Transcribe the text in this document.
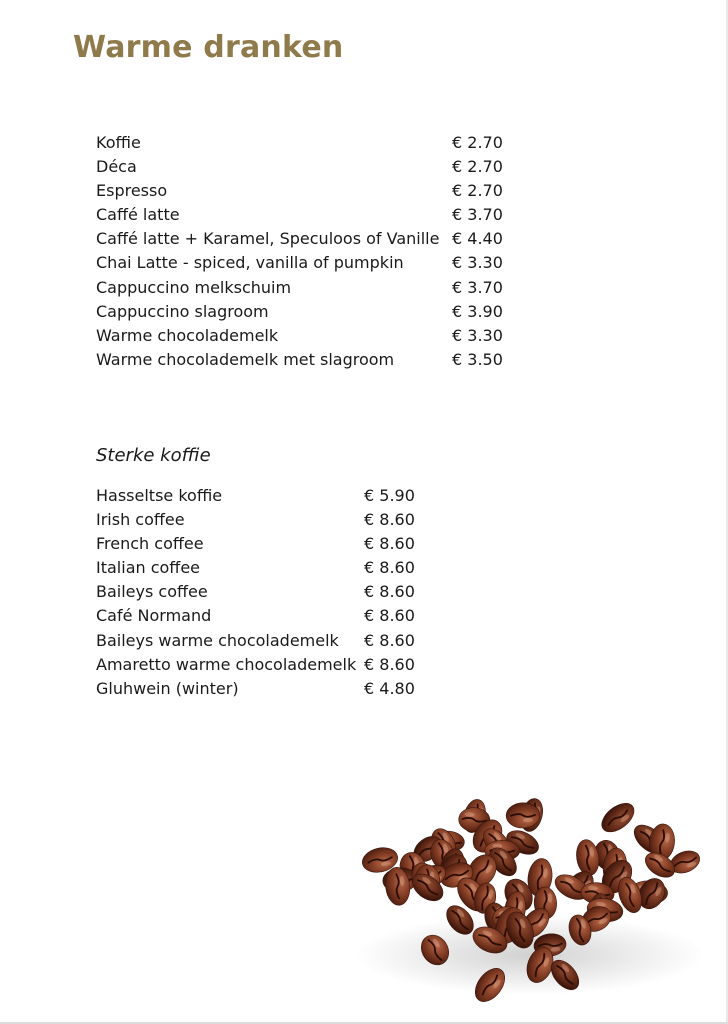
Warme dranken
Koffie	€ 2.70
Déca	€ 2.70
Espresso	€ 2.70
Caffé latte	€ 3.70
Caffé latte + Karamel, Speculoos of Vanille € 4.40
Chai Latte - spiced, vanilla of pumpkin	€ 3.30
Cappuccino melkschuim	€ 3.70
Cappuccino slagroom	€ 3.90
Warme chocolademelk	€ 3.30
Warme chocolademelk met slagroom	€ 3.50
Sterke koffie
Hasseltse koffie	€ 5.90
Irish coffee	€ 8.60
French coffee	€ 8.60
Italian coffee	€ 8.60
Baileys coffee	€ 8.60
Café Normand	€ 8.60
Baileys warme chocolademelk € 8.60
Amaretto warme chocolademelk € 8.60
Gluhwein (winter)	€ 4.80
